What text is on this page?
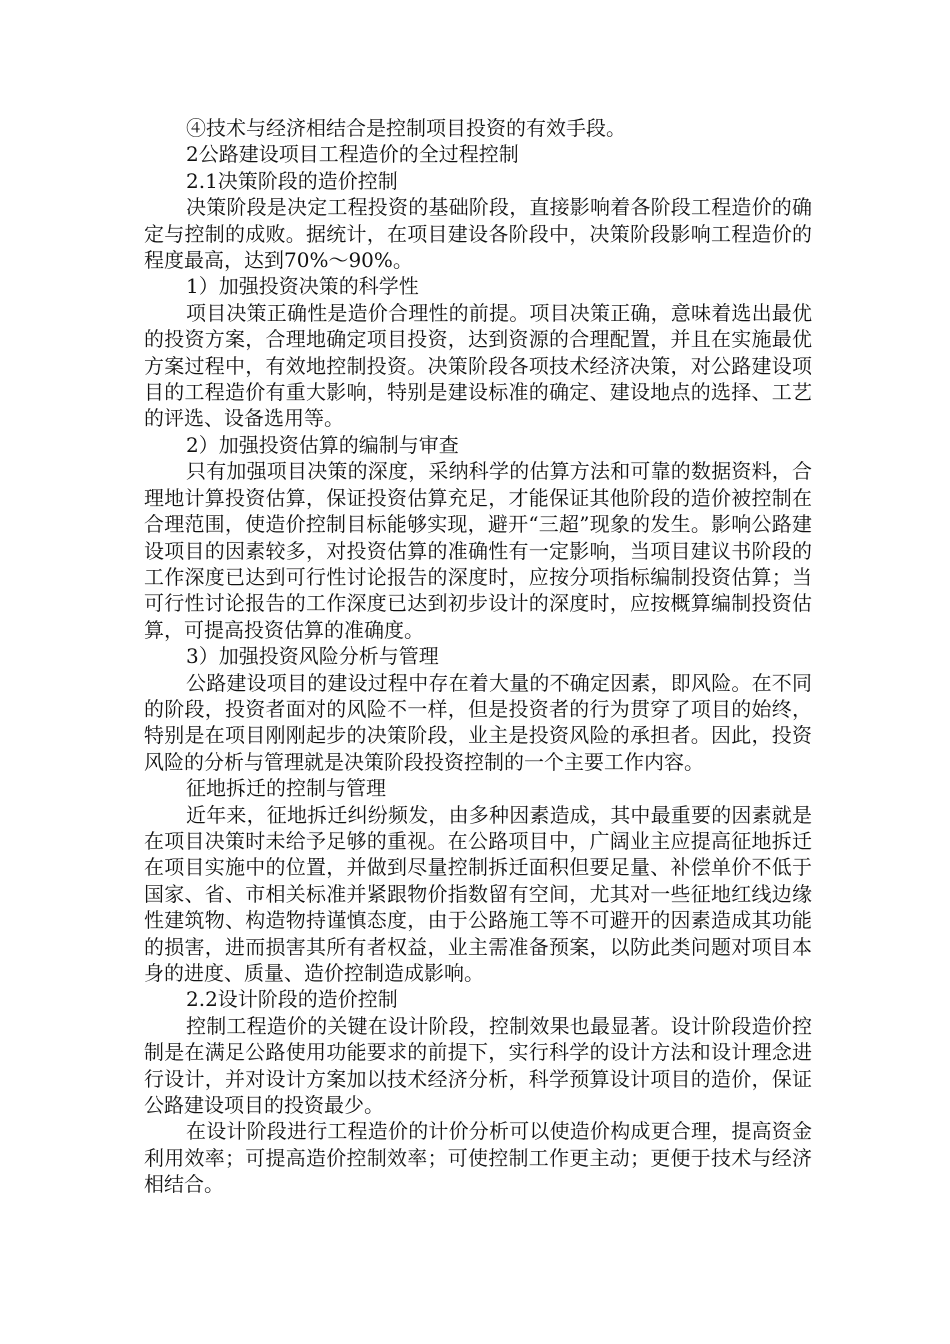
④技术与经济相结合是控制项目投资的有效手段。

2公路建设项目工程造价的全过程控制

2.1决策阶段的造价控制

决策阶段是决定工程投资的基础阶段，直接影响着各阶段工程造价的确定与控制的成败。据统计，在项目建设各阶段中，决策阶段影响工程造价的程度最高，达到70%～90%。

1）加强投资决策的科学性

项目决策正确性是造价合理性的前提。项目决策正确，意味着选出最优的投资方案，合理地确定项目投资，达到资源的合理配置，并且在实施最优方案过程中，有效地控制投资。决策阶段各项技术经济决策，对公路建设项目的工程造价有重大影响，特别是建设标准的确定、建设地点的选择、工艺的评选、设备选用等。

2）加强投资估算的编制与审查

只有加强项目决策的深度，采纳科学的估算方法和可靠的数据资料，合理地计算投资估算，保证投资估算充足，才能保证其他阶段的造价被控制在合理范围，使造价控制目标能够实现，避开“三超”现象的发生。影响公路建设项目的因素较多，对投资估算的准确性有一定影响，当项目建议书阶段的工作深度已达到可行性讨论报告的深度时，应按分项指标编制投资估算；当可行性讨论报告的工作深度已达到初步设计的深度时，应按概算编制投资估算，可提高投资估算的准确度。

3）加强投资风险分析与管理

公路建设项目的建设过程中存在着大量的不确定因素，即风险。在不同的阶段，投资者面对的风险不一样，但是投资者的行为贯穿了项目的始终，特别是在项目刚刚起步的决策阶段，业主是投资风险的承担者。因此，投资风险的分析与管理就是决策阶段投资控制的一个主要工作内容。

征地拆迁的控制与管理

近年来，征地拆迁纠纷频发，由多种因素造成，其中最重要的因素就是在项目决策时未给予足够的重视。在公路项目中，广阔业主应提高征地拆迁在项目实施中的位置，并做到尽量控制拆迁面积但要足量、补偿单价不低于国家、省、市相关标准并紧跟物价指数留有空间，尤其对一些征地红线边缘性建筑物、构造物持谨慎态度，由于公路施工等不可避开的因素造成其功能的损害，进而损害其所有者权益，业主需准备预案，以防此类问题对项目本身的进度、质量、造价控制造成影响。

2.2设计阶段的造价控制

控制工程造价的关键在设计阶段，控制效果也最显著。设计阶段造价控制是在满足公路使用功能要求的前提下，实行科学的设计方法和设计理念进行设计，并对设计方案加以技术经济分析，科学预算设计项目的造价，保证公路建设项目的投资最少。

在设计阶段进行工程造价的计价分析可以使造价构成更合理，提高资金利用效率；可提高造价控制效率；可使控制工作更主动；更便于技术与经济相结合。
